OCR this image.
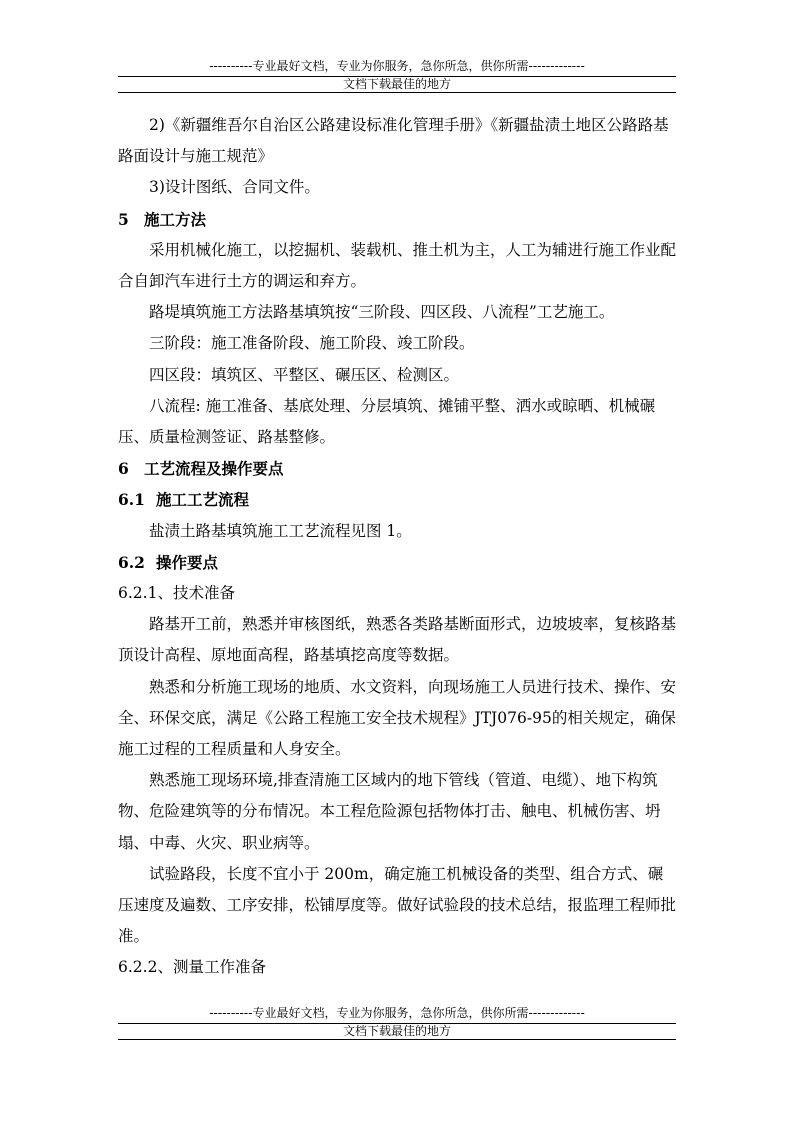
----------专业最好文档，专业为你服务，急你所急，供你所需-------------
文档下载最佳的地方

2)《新疆维吾尔自治区公路建设标准化管理手册》《新疆盐渍土地区公路路基路面设计与施工规范》

3)设计图纸、合同文件。

5 施工方法

采用机械化施工，以挖掘机、装载机、推土机为主，人工为辅进行施工作业配合自卸汽车进行土方的调运和弃方。

路堤填筑施工方法路基填筑按“三阶段、四区段、八流程”工艺施工。

三阶段：施工准备阶段、施工阶段、竣工阶段。

四区段：填筑区、平整区、碾压区、检测区。

八流程: 施工准备、基底处理、分层填筑、摊铺平整、洒水或晾晒、机械碾压、质量检测签证、路基整修。

6 工艺流程及操作要点

6.1 施工工艺流程

盐渍土路基填筑施工工艺流程见图 1。

6.2 操作要点

6.2.1、技术准备

路基开工前，熟悉并审核图纸，熟悉各类路基断面形式，边坡坡率，复核路基顶设计高程、原地面高程，路基填挖高度等数据。

熟悉和分析施工现场的地质、水文资料，向现场施工人员进行技术、操作、安全、环保交底，满足《公路工程施工安全技术规程》JTJ076-95的相关规定，确保施工过程的工程质量和人身安全。

熟悉施工现场环境,排查清施工区域内的地下管线（管道、电缆）、地下构筑物、危险建筑等的分布情况。本工程危险源包括物体打击、触电、机械伤害、坍塌、中毒、火灾、职业病等。

试验路段，长度不宜小于 200m，确定施工机械设备的类型、组合方式、碾压速度及遍数、工序安排，松铺厚度等。做好试验段的技术总结，报监理工程师批准。

6.2.2、测量工作准备

----------专业最好文档，专业为你服务，急你所急，供你所需-------------
文档下载最佳的地方
